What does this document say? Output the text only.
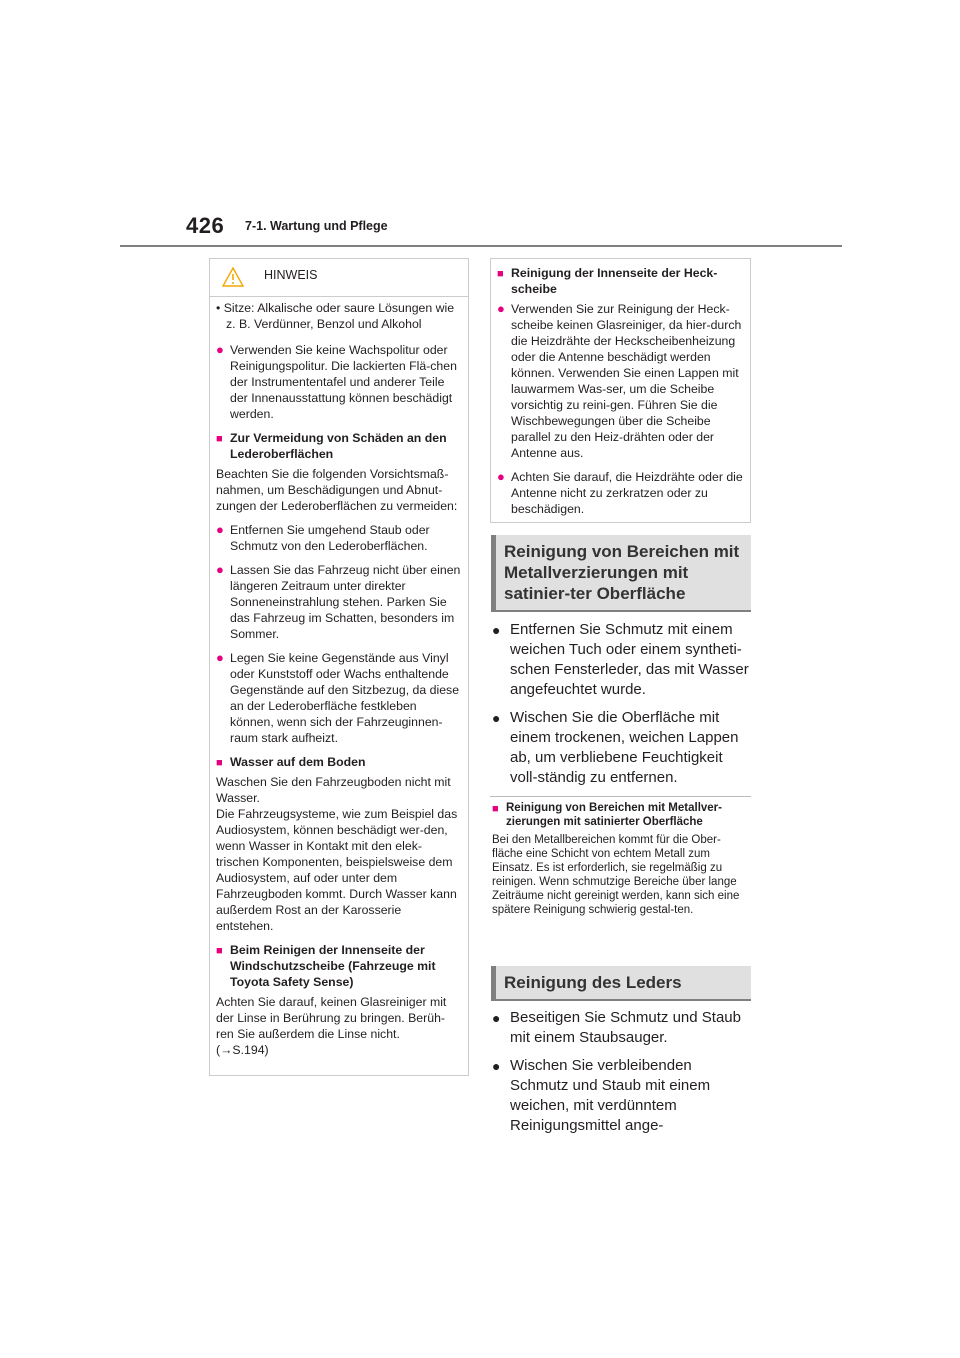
426 7-1. Wartung und Pflege
HINWEIS

• Sitze: Alkalische oder saure Lösungen wie z. B. Verdünner, Benzol und Alkohol

● Verwenden Sie keine Wachspolitur oder Reinigungspolitur. Die lackierten Flä-chen der Instrumententafel und anderer Teile der Innenausstattung können beschädigt werden.
■ Zur Vermeidung von Schäden an den Lederoberflächen

Beachten Sie die folgenden Vorsichtsmaß-nahmen, um Beschädigungen und Abnut-zungen der Lederoberflächen zu vermeiden:

● Entfernen Sie umgehend Staub oder Schmutz von den Lederoberflächen.
● Lassen Sie das Fahrzeug nicht über einen längeren Zeitraum unter direkter Sonneneinstrahlung stehen. Parken Sie das Fahrzeug im Schatten, besonders im Sommer.
● Legen Sie keine Gegenstände aus Vinyl oder Kunststoff oder Wachs enthaltende Gegenstände auf den Sitzbezug, da diese an der Lederoberfläche festkleben können, wenn sich der Fahrzeuginnen-raum stark aufheizt.
■ Wasser auf dem Boden

Waschen Sie den Fahrzeugboden nicht mit Wasser.

Die Fahrzeugsysteme, wie zum Beispiel das Audiosystem, können beschädigt wer-den, wenn Wasser in Kontakt mit den elek-trischen Komponenten, beispielsweise dem Audiosystem, auf oder unter dem Fahrzeugboden kommt. Durch Wasser kann außerdem Rost an der Karosserie entstehen.

■ Beim Reinigen der Innenseite der Windschutzscheibe (Fahrzeuge mit Toyota Safety Sense)

Achten Sie darauf, keinen Glasreiniger mit der Linse in Berührung zu bringen. Berüh-ren Sie außerdem die Linse nicht.

(→S.194)

■ Reinigung der Innenseite der Heck-scheibe
● Verwenden Sie zur Reinigung der Heck-scheibe keinen Glasreiniger, da hier-durch die Heizdrähte der Heckscheibenheizung oder die Antenne beschädigt werden können. Verwenden Sie einen Lappen mit lauwarmem Was-ser, um die Scheibe vorsichtig zu reini-gen. Führen Sie die Wischbewegungen über die Scheibe parallel zu den Heiz-drähten oder der Antenne aus.
● Achten Sie darauf, die Heizdrähte oder die Antenne nicht zu zerkratzen oder zu beschädigen.
Reinigung von Bereichen mit Metallverzierungen mit satinier-ter Oberfläche
● Entfernen Sie Schmutz mit einem weichen Tuch oder einem syntheti-schen Fensterleder, das mit Wasser angefeuchtet wurde.
● Wischen Sie die Oberfläche mit einem trockenen, weichen Lappen ab, um verbliebene Feuchtigkeit voll-ständig zu entfernen.
■ Reinigung von Bereichen mit Metallver-zierungen mit satinierter Oberfläche

Bei den Metallbereichen kommt für die Ober-fläche eine Schicht von echtem Metall zum Einsatz. Es ist erforderlich, sie regelmäßig zu reinigen. Wenn schmutzige Bereiche über lange Zeiträume nicht gereinigt werden, kann sich eine spätere Reinigung schwierig gestal-ten.

Reinigung des Leders
● Beseitigen Sie Schmutz und Staub mit einem Staubsauger.
● Wischen Sie verbleibenden Schmutz und Staub mit einem weichen, mit verdünntem Reinigungsmittel ange-
